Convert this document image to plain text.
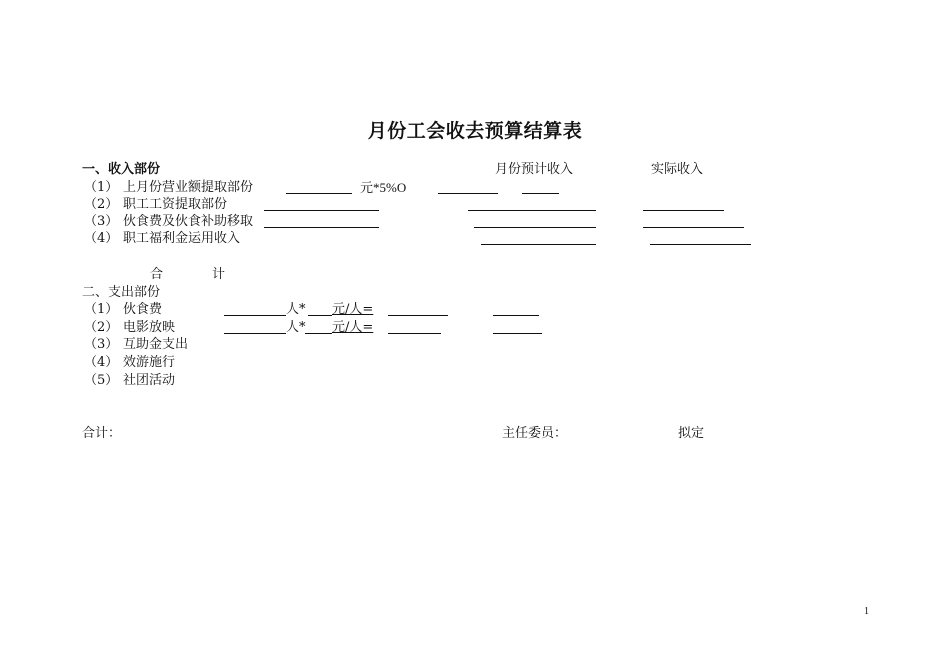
月份工会收去预算结算表
一、收入部份	月份预计收入	实际收入
（1） 上月份营业额提取部份	元*5%O
（2） 职工工资提取部份
（3） 伙食费及伙食补助移取
（4） 职工福利金运用收入
合	计
二、支出部份
（1） 伙食费	人* 元/人=
（2） 电影放映	人* 元/人=
（3） 互助金支出
（4） 效游施行
（5） 社团活动
合计：	主任委员：	拟定
1
